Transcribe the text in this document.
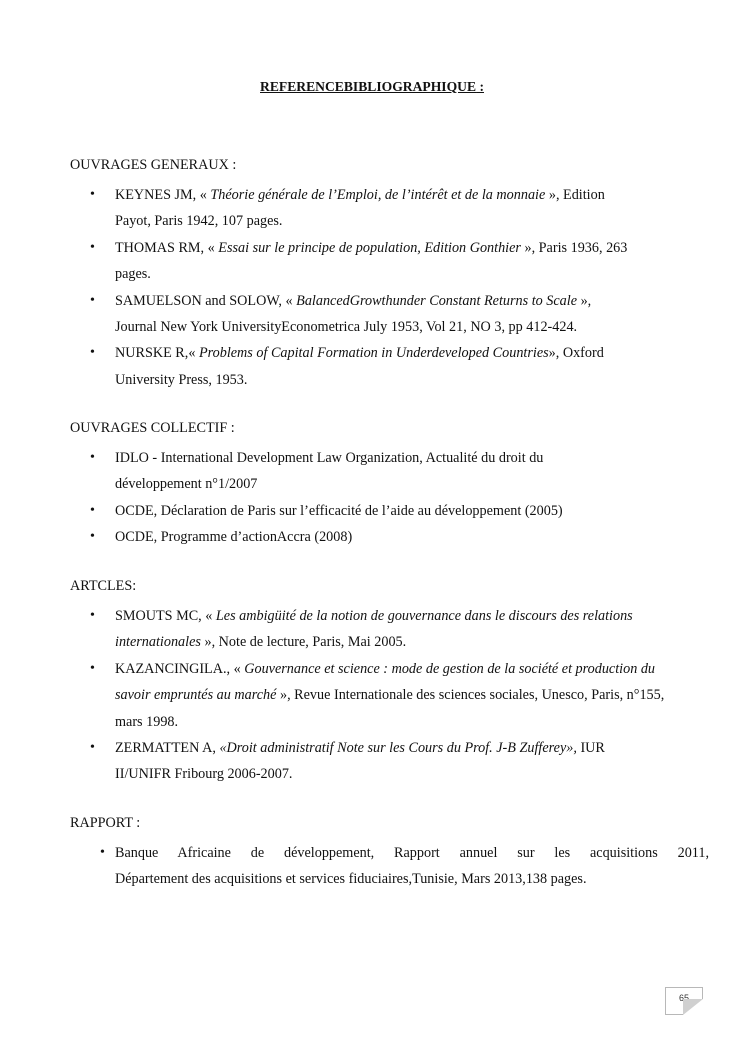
REFERENCEBIBLIOGRAPHIQUE :
OUVRAGES GENERAUX :
• KEYNES JM, « Théorie générale de l’Emploi, de l’intérêt et de la monnaie », Edition Payot, Paris 1942, 107 pages.
• THOMAS RM, « Essai sur le principe de population, Edition Gonthier », Paris 1936, 263 pages.
• SAMUELSON and SOLOW, « BalancedGrowthunder Constant Returns to Scale », Journal New York UniversityEconometrica July 1953, Vol 21, NO 3, pp 412-424.
• NURSKE R,« Problems of Capital Formation in Underdeveloped Countries», Oxford University Press, 1953.
OUVRAGES COLLECTIF :
• IDLO - International Development Law Organization, Actualité du droit du développement n°1/2007
• OCDE, Déclaration de Paris sur l’efficacité de l’aide au développement (2005)
• OCDE, Programme d’actionAccra (2008)
ARTCLES:
• SMOUTS MC, « Les ambigüité de la notion de gouvernance dans le discours des relations internationales », Note de lecture, Paris, Mai 2005.
• KAZANCINGILA., « Gouvernance et science : mode de gestion de la société et production du savoir empruntés au marché », Revue Internationale des sciences sociales, Unesco, Paris, n°155, mars 1998.
• ZERMATTEN A, «Droit administratif Note sur les Cours du Prof. J-B Zufferey», IUR II/UNIFR Fribourg 2006-2007.
RAPPORT :
• Banque Africaine de développement, Rapport annuel sur les acquisitions 2011,
Département des acquisitions et services fiduciaires,Tunisie, Mars 2013,138 pages.
65
